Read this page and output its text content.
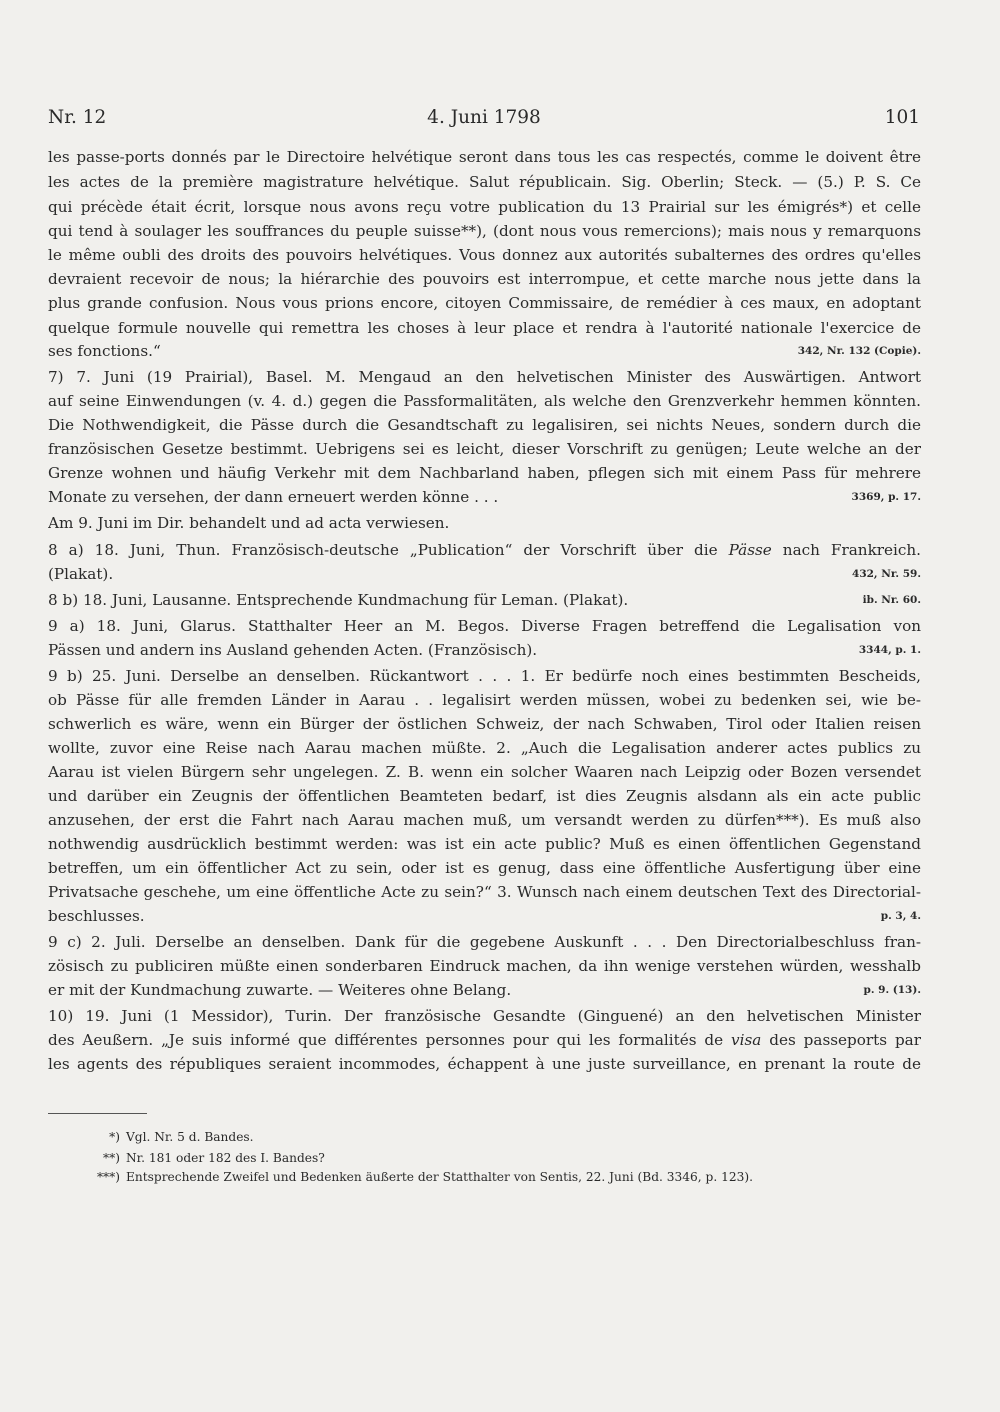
Nr. 12	4. Juni 1798	101
les passe-ports donnés par le Directoire helvétique seront dans tous les cas respectés, comme le doivent être
les actes de la première magistrature helvétique. Salut républicain. Sig. Oberlin; Steck. — (5.) P. S. Ce
qui précède était écrit, lorsque nous avons reçu votre publication du 13 Prairial sur les émigrés*) et celle
qui tend à soulager les souffrances du peuple suisse**), (dont nous vous remercions); mais nous y remarquons
le même oubli des droits des pouvoirs helvétiques. Vous donnez aux autorités subalternes des ordres qu'elles
devraient recevoir de nous; la hiérarchie des pouvoirs est interrompue, et cette marche nous jette dans la
plus grande confusion. Nous vous prions encore, citoyen Commissaire, de remédier à ces maux, en adoptant
quelque formule nouvelle qui remettra les choses à leur place et rendra à l'autorité nationale l'exercice de
ses fonctions.“	342, Nr. 132 (Copie).
7) 7. Juni (19 Prairial), Basel. M. Mengaud an den helvetischen Minister des Auswärtigen. Antwort
auf seine Einwendungen (v. 4. d.) gegen die Passformalitäten, als welche den Grenzverkehr hemmen könnten.
Die Nothwendigkeit, die Pässe durch die Gesandtschaft zu legalisiren, sei nichts Neues, sondern durch die
französischen Gesetze bestimmt. Uebrigens sei es leicht, dieser Vorschrift zu genügen; Leute welche an der
Grenze wohnen und häufig Verkehr mit dem Nachbarland haben, pflegen sich mit einem Pass für mehrere
Monate zu versehen, der dann erneuert werden könne . . .	3369, p. 17.
Am 9. Juni im Dir. behandelt und ad acta verwiesen.
8 a) 18. Juni, Thun. Französisch-deutsche „Publication“ der Vorschrift über die Pässe nach Frankreich.
(Plakat).	432, Nr. 59.
8 b) 18. Juni, Lausanne. Entsprechende Kundmachung für Leman. (Plakat).	ib. Nr. 60.
9 a) 18. Juni, Glarus. Statthalter Heer an M. Begos. Diverse Fragen betreffend die Legalisation von
Pässen und andern ins Ausland gehenden Acten. (Französisch).	3344, p. 1.
9 b) 25. Juni. Derselbe an denselben. Rückantwort . . . 1. Er bedürfe noch eines bestimmten Bescheids,
ob Pässe für alle fremden Länder in Aarau . . legalisirt werden müssen, wobei zu bedenken sei, wie be-
schwerlich es wäre, wenn ein Bürger der östlichen Schweiz, der nach Schwaben, Tirol oder Italien reisen
wollte, zuvor eine Reise nach Aarau machen müßte. 2. „Auch die Legalisation anderer actes publics zu
Aarau ist vielen Bürgern sehr ungelegen. Z. B. wenn ein solcher Waaren nach Leipzig oder Bozen versendet
und darüber ein Zeugnis der öffentlichen Beamteten bedarf, ist dies Zeugnis alsdann als ein acte public
anzusehen, der erst die Fahrt nach Aarau machen muß, um versandt werden zu dürfen***). Es muß also
nothwendig ausdrücklich bestimmt werden: was ist ein acte public? Muß es einen öffentlichen Gegenstand
betreffen, um ein öffentlicher Act zu sein, oder ist es genug, dass eine öffentliche Ausfertigung über eine
Privatsache geschehe, um eine öffentliche Acte zu sein?“ 3. Wunsch nach einem deutschen Text des Directorial-
beschlusses.	p. 3, 4.
9 c) 2. Juli. Derselbe an denselben. Dank für die gegebene Auskunft . . . Den Directorialbeschluss fran-
zösisch zu publiciren müßte einen sonderbaren Eindruck machen, da ihn wenige verstehen würden, wesshalb
er mit der Kundmachung zuwarte. — Weiteres ohne Belang.	p. 9. (13).
10) 19. Juni (1 Messidor), Turin. Der französische Gesandte (Ginguené) an den helvetischen Minister
des Aeußern. „Je suis informé que différentes personnes pour qui les formalités de visa des passeports par
les agents des républiques seraient incommodes, échappent à une juste surveillance, en prenant la route de
*) Vgl. Nr. 5 d. Bandes.
**) Nr. 181 oder 182 des I. Bandes?
***) Entsprechende Zweifel und Bedenken äußerte der Statthalter von Sentis, 22. Juni (Bd. 3346, p. 123).
